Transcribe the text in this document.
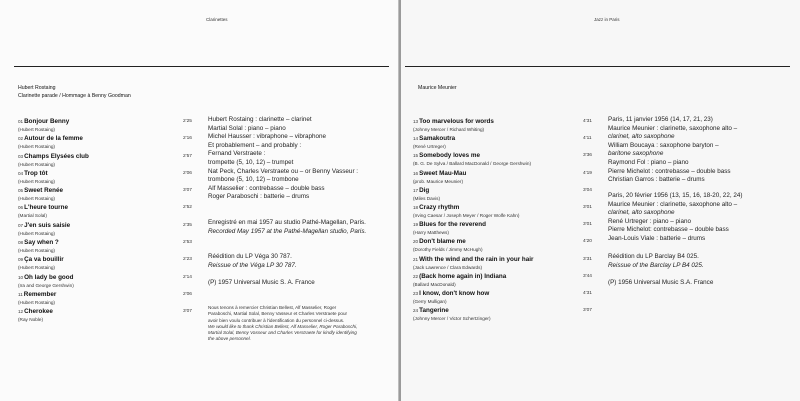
Clarinettes
Hubert Rostaing
Clarinette parade / Hommage à Benny Goodman
01Bonjour Benny
(Hubert Rostaing)
2'25
02Autour de la femme
(Hubert Rostaing)
2'16
03Champs Elysées club
(Hubert Rostaing)
2'57
04Trop tôt
(Hubert Rostaing)
2'06
05Sweet Renée
(Hubert Rostaing)
3'07
06L'heure tourne
(Martial Solal)
2'52
07J'en suis saisie
(Hubert Rostaing)
2'35
08Say when ?
(Hubert Rostaing)
2'53
09Ça va bouillir
(Hubert Rostaing)
2'23
10Oh lady be good
(Ira and George Gershwin)
2'14
11Remember
(Hubert Rostaing)
2'06
12Cherokee
(Ray Noble)
3'07
Hubert Rostaing : clarinette – clarinet
Martial Solal : piano – piano
Michel Hausser : vibraphone – vibraphone
Et probablement – and probably :
Fernand Verstraete :
trompette (5, 10, 12) – trumpet
Nat Peck, Charles Verstraete ou – or Benny Vasseur :
trombone (5, 10, 12) – trombone
Alf Masselier : contrebasse – double bass
Roger Paraboschi : batterie – drums
Enregistré en mai 1957 au studio Pathé-Magellan, Paris.
Recorded May 1957 at the Pathé-Magellan studio, Paris.
Réédition du LP Véga 30 787.
Reissue of the Véga LP 30 787.
(P) 1957 Universal Music S. A. France
Nous tenons à remercier Christian Bellest, Alf Masselier, Roger
Paraboschi, Martial Solal, Benny Vasseur et Charles Verstraete pour
avoir bien voulu contribuer à l'identification du personnel ci-dessus.
We would like to thank Christian Bellest, Alf Masselier, Roger Paraboschi,
Martial Solal, Benny Vasseur and Charles Verstraete for kindly identifying
the above personnel.
Jazz in Paris
Maurice Meunier
13Too marvelous for words
(Johnny Mercer / Richard Whiting)
4'31
14Samakoutra
(René Urtreger)
4'11
15Somebody loves me
(B. G. De Sylva / Ballard MacDonald / George Gershwin)
3'36
16Sweet Mau-Mau
(prob. Maurice Meunier)
4'19
17Dig
(Miles Davis)
3'04
18Crazy rhythm
(Irving Caesar / Joseph Meyer / Roger Wolfe Kahn)
3'01
19Blues for the reverend
(Harry Matthews)
3'01
20Don't blame me
(Dorothy Fields / Jimmy McHugh)
4'20
21With the wind and the rain in your hair
(Jack Lawrence / Clara Edwards)
3'31
22(Back home again in) Indiana
(Ballard MacDonald)
3'44
23I know, don't know how
(Gerry Mulligan)
4'31
24Tangerine
(Johnny Mercer / Victor Schertzinger)
3'07
Paris, 11 janvier 1956 (14, 17, 21, 23)
Maurice Meunier : clarinette, saxophone alto –
clarinet, alto saxophone
William Boucaya : saxophone baryton –
baritone saxophone
Raymond Fol : piano – piano
Pierre Michelot : contrebasse – double bass
Christian Garros : batterie – drums
Paris, 20 février 1956 (13, 15, 16, 18-20, 22, 24)
Maurice Meunier : clarinette, saxophone alto –
clarinet, alto saxophone
René Urtreger : piano – piano
Pierre Michelot: contrebasse – double bass
Jean-Louis Viale : batterie – drums
Réédition du LP Barclay B4 025.
Reissue of the Barclay LP B4 025.
(P) 1956 Universal Music S.A. France
